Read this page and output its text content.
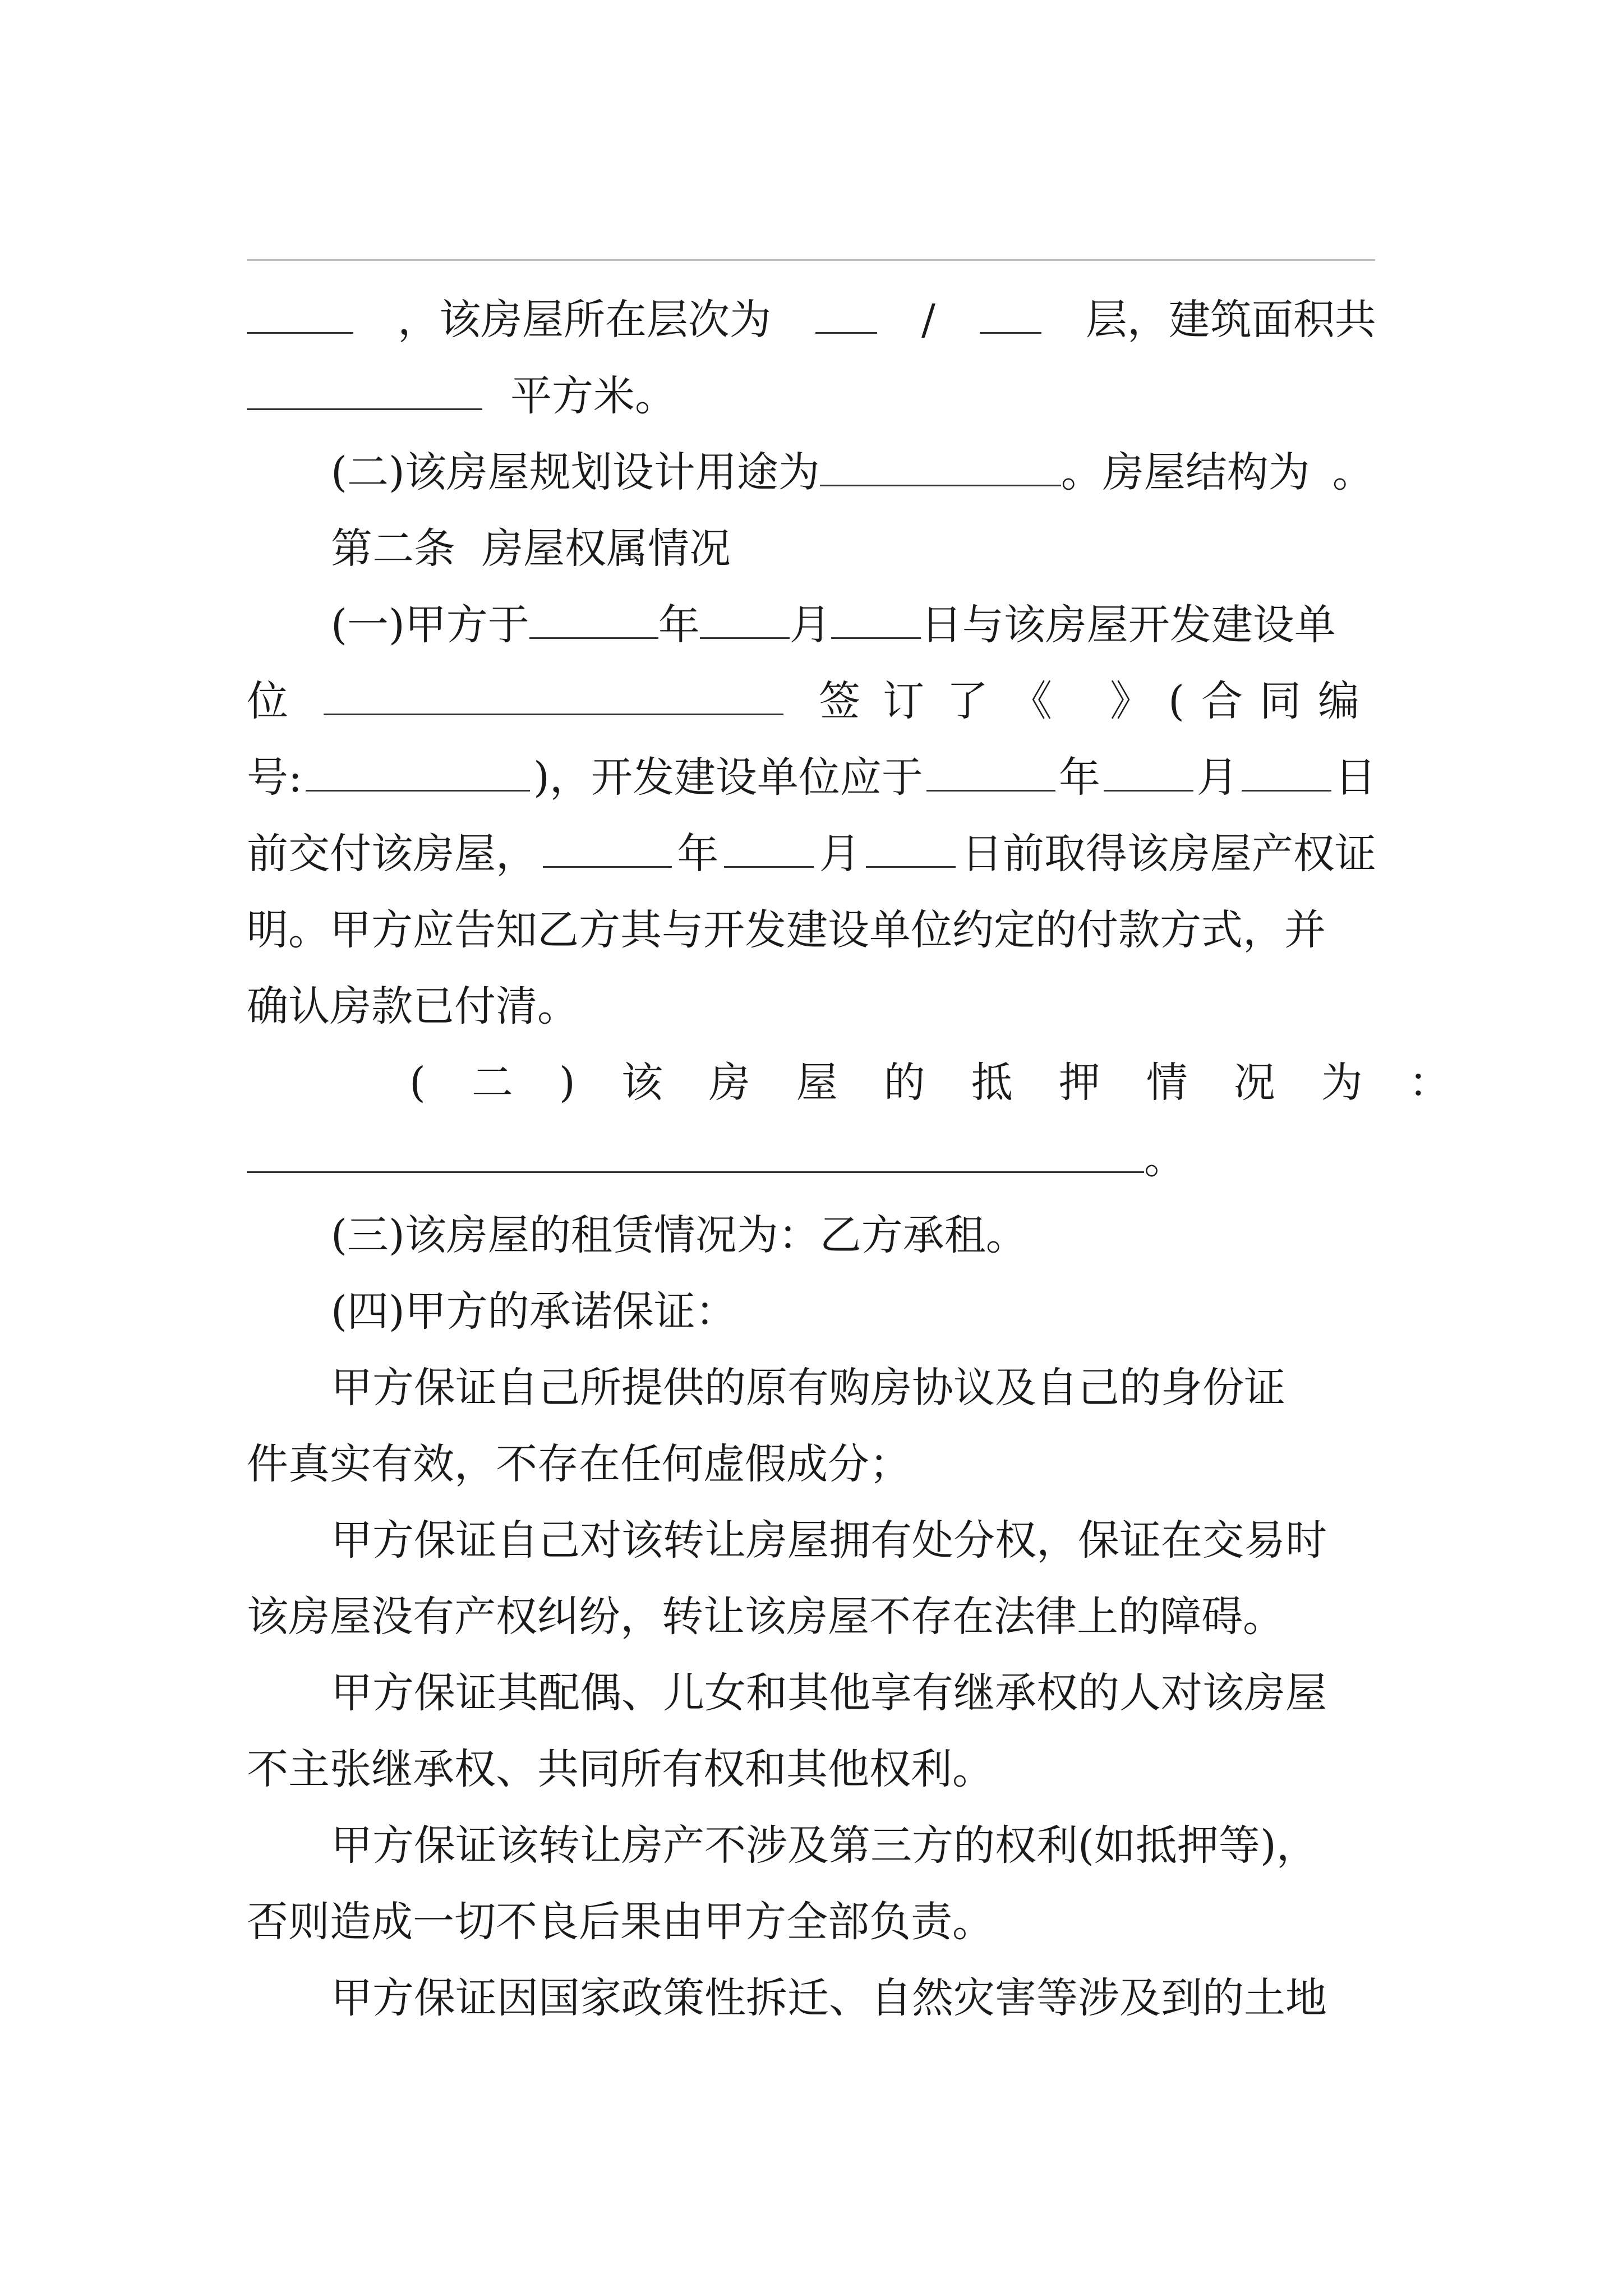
，该房屋所在层次为	/	层，建筑面积共
平方米。
(二)该房屋规划设计用途为	。房屋结构为 。
第二条  房屋权属情况
(一)甲方于	年 月 日与该房屋开发建设单
位	签订了《 》(合同编
号:	)，开发建设单位应于	年 月 日
前交付该房屋，	年 月 日前取得该房屋产权证
明。甲方应告知乙方其与开发建设单位约定的付款方式，并
确认房款已付清。
(二)该房屋的抵押情况为：
。
(三)该房屋的租赁情况为：乙方承租。
(四)甲方的承诺保证：
甲方保证自己所提供的原有购房协议及自己的身份证
件真实有效，不存在任何虚假成分；
甲方保证自己对该转让房屋拥有处分权，保证在交易时
该房屋没有产权纠纷，转让该房屋不存在法律上的障碍。
甲方保证其配偶、儿女和其他享有继承权的人对该房屋
不主张继承权、共同所有权和其他权利。
甲方保证该转让房产不涉及第三方的权利(如抵押等)，
否则造成一切不良后果由甲方全部负责。
甲方保证因国家政策性拆迁、自然灾害等涉及到的土地
